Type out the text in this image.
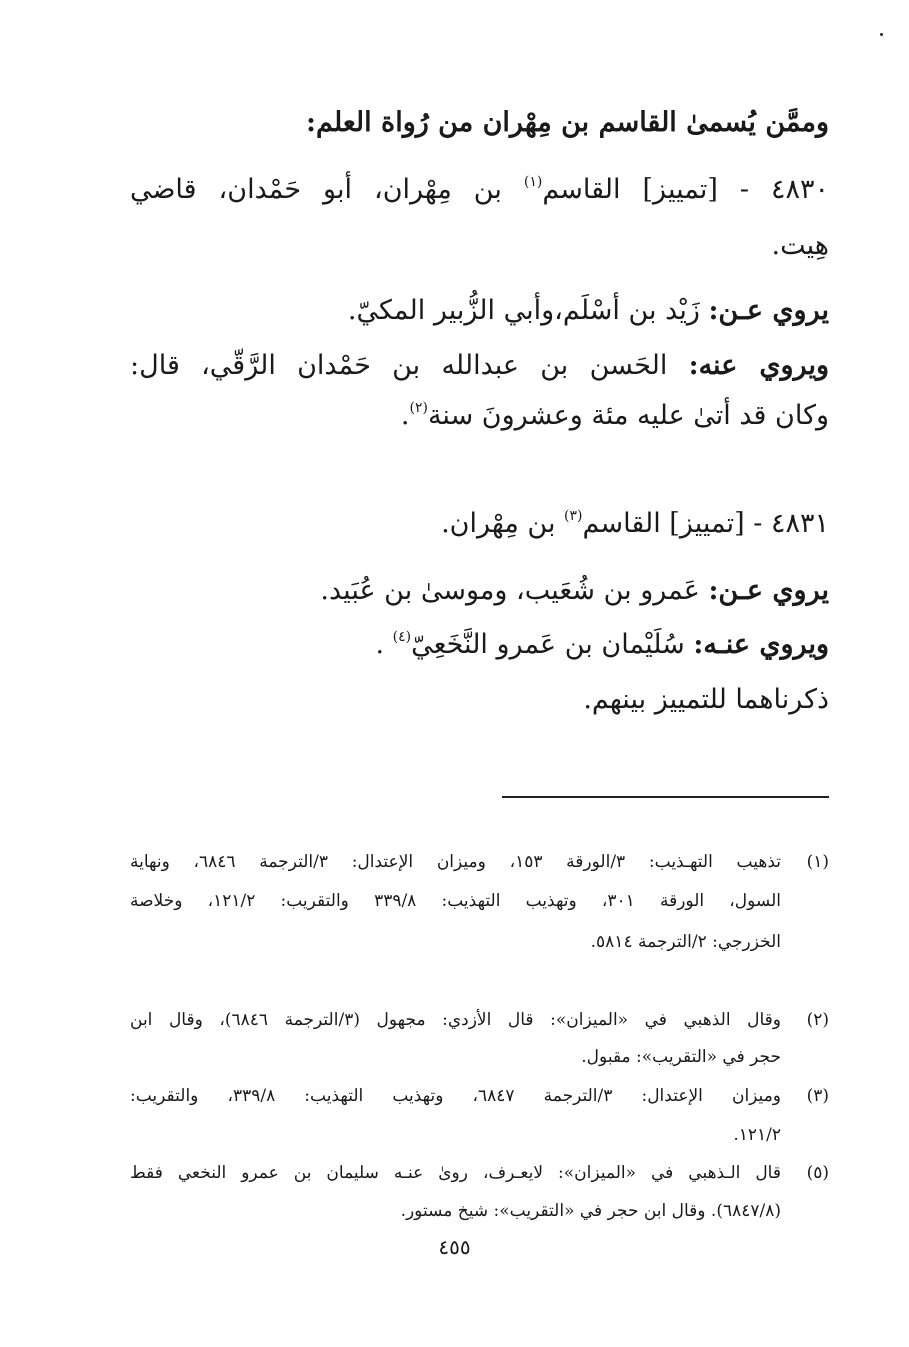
وممَّن يُسمىٰ القاسم بن مِهْران من رُواة العلم:
٤٨٣٠ - [تمييز] القاسم$^{(١)}$ بن مِهْران، أبو حَمْدان، قاضي
هِيت.
يروي عـن: زَيْد بن أسْلَم،وأبي الزُّبير المكيّ.
ويروي عنه: الحَسن بن عبدالله بن حَمْدان الرَّقّي، قال:
وكان قد أتىٰ عليه مئة وعشرونَ سنة$^{(٢)}$.
٤٨٣١ - [تمييز] القاسم$^{(٣)}$ بن مِهْران.
يروي عـن: عَمرو بن شُعَيب، وموسىٰ بن عُبَيد.
ويروي عنـه: سُلَيْمان بن عَمرو النَّخَعِيّ$^{(٤)}$ .
ذكرناهما للتمييز بينهم.
(١)
تذهيب التهـذيب: ٣/الورقة ١٥٣، وميزان الإعتدال: ٣/الترجمة ٦٨٤٦، ونهاية
السول، الورقة ٣٠١، وتهذيب التهذيب: ٣٣٩/٨ والتقريب: ١٢١/٢، وخلاصة
الخزرجي: ٢/الترجمة ٥٨١٤.
(٢)
وقال الذهبي في «الميزان»: قال الأزدي: مجهول (٣/الترجمة ٦٨٤٦)، وقال ابن
حجر في «التقريب»: مقبول.
(٣)
وميزان الإعتدال: ٣/الترجمة ٦٨٤٧، وتهذيب التهذيب: ٣٣٩/٨، والتقريب:
١٢١/٢.
(٥)
قال الـذهبي في «الميزان»: لايعـرف، روىٰ عنـه سليمان بن عمرو النخعي فقط
(٦٨٤٧/٨). وقال ابن حجر في «التقريب»: شيخ مستور.
٤٥٥
